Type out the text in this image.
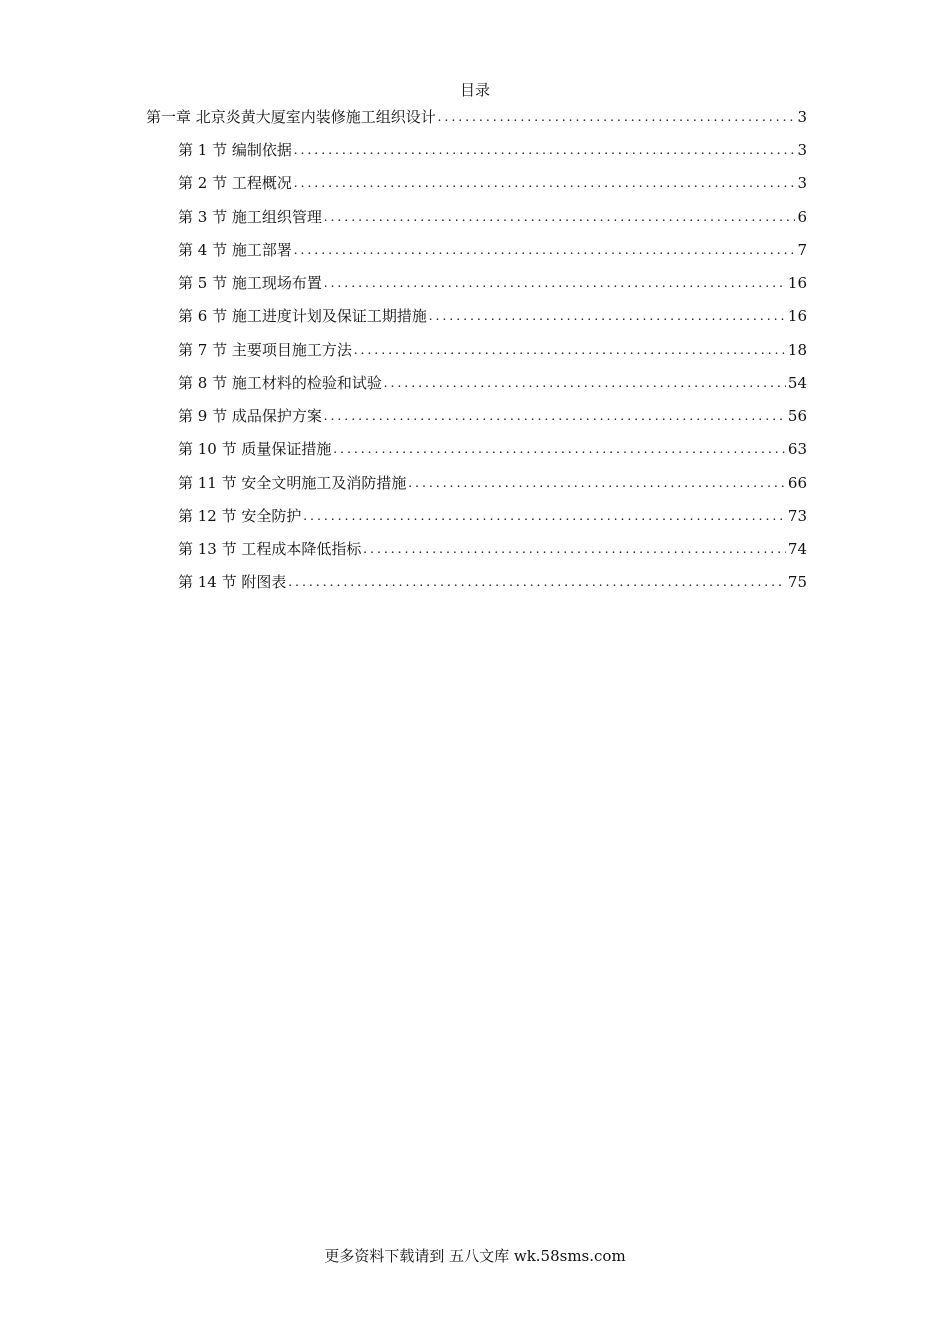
目录
第一章 北京炎黄大厦室内装修施工组织设计 .....	3
第 1 节 编制依据 .....	3
第 2 节 工程概况 .....	3
第 3 节 施工组织管理 .....	6
第 4 节 施工部署 .....	7
第 5 节 施工现场布置 .....	16
第 6 节 施工进度计划及保证工期措施 .....	16
第 7 节 主要项目施工方法 .....	18
第 8 节 施工材料的检验和试验 .....	54
第 9 节 成品保护方案 .....	56
第 10 节 质量保证措施 .....	63
第 11 节 安全文明施工及消防措施 .....	66
第 12 节 安全防护 .....	73
第 13 节 工程成本降低指标 .....	74
第 14 节 附图表 .....	75
更多资料下载请到 五八文库 wk.58sms.com
